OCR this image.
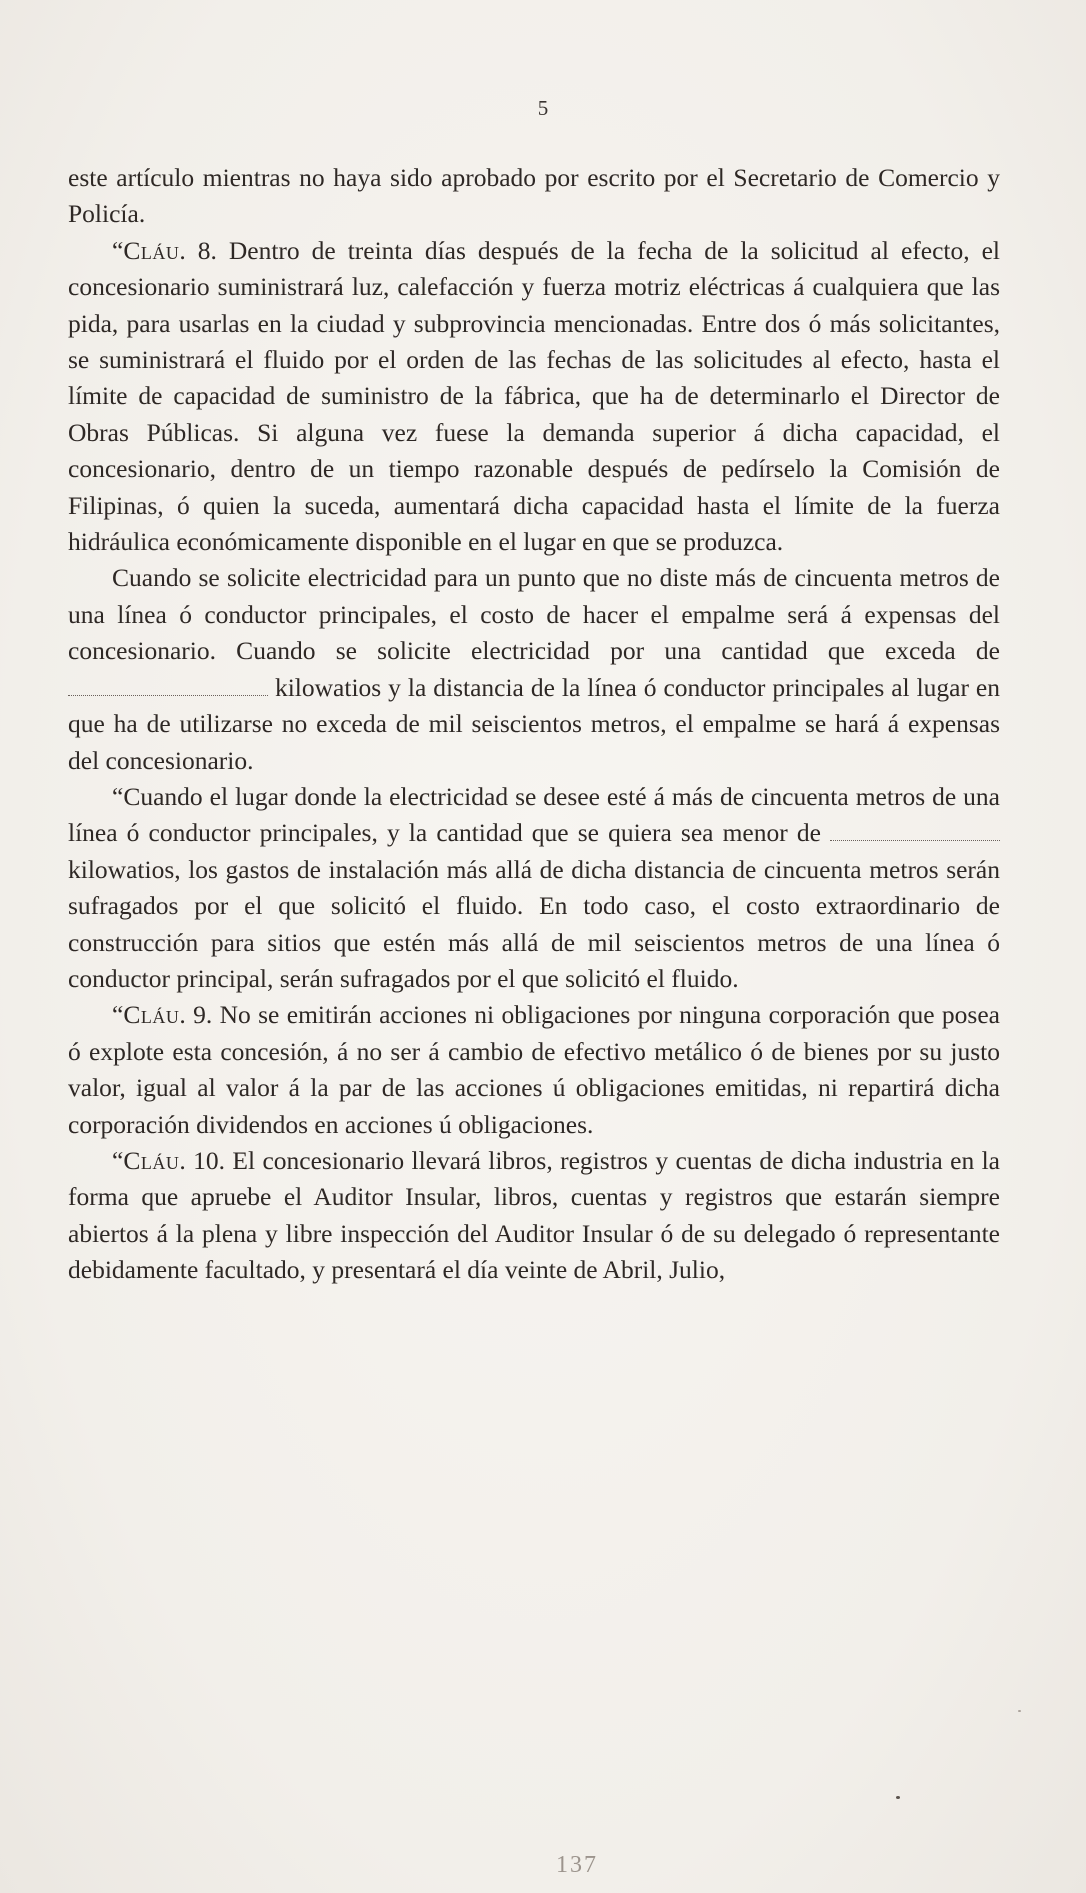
5

este artículo mientras no haya sido aprobado por escrito por el Secretario de Comercio y Policía.

“Cláu. 8. Dentro de treinta días después de la fecha de la solicitud al efecto, el concesionario suministrará luz, calefacción y fuerza motriz eléctricas á cualquiera que las pida, para usarlas en la ciudad y subprovincia mencionadas. Entre dos ó más solicitantes, se suministrará el fluido por el orden de las fechas de las solicitudes al efecto, hasta el límite de capacidad de suministro de la fábrica, que ha de determinarlo el Director de Obras Públicas. Si alguna vez fuese la demanda superior á dicha capacidad, el concesionario, dentro de un tiempo razonable después de pedírselo la Comisión de Filipinas, ó quien la suceda, aumentará dicha capacidad hasta el límite de la fuerza hidráulica económicamente disponible en el lugar en que se produzca.

Cuando se solicite electricidad para un punto que no diste más de cincuenta metros de una línea ó conductor principales, el costo de hacer el empalme será á expensas del concesionario. Cuando se solicite electricidad por una cantidad que exceda de  kilowatios y la distancia de la línea ó conductor principales al lugar en que ha de utilizarse no exceda de mil seiscientos metros, el empalme se hará á expensas del concesionario.

“Cuando el lugar donde la electricidad se desee esté á más de cincuenta metros de una línea ó conductor principales, y la cantidad que se quiera sea menor de  kilowatios, los gastos de instalación más allá de dicha distancia de cincuenta metros serán sufragados por el que solicitó el fluido. En todo caso, el costo extraordinario de construcción para sitios que estén más allá de mil seiscientos metros de una línea ó conductor principal, serán sufragados por el que solicitó el fluido.

“Cláu. 9. No se emitirán acciones ni obligaciones por ninguna corporación que posea ó explote esta concesión, á no ser á cambio de efectivo metálico ó de bienes por su justo valor, igual al valor á la par de las acciones ú obligaciones emitidas, ni repartirá dicha corporación dividendos en acciones ú obligaciones.

“Cláu. 10. El concesionario llevará libros, registros y cuentas de dicha industria en la forma que apruebe el Auditor Insular, libros, cuentas y registros que estarán siempre abiertos á la plena y libre inspección del Auditor Insular ó de su delegado ó representante debidamente facultado, y presentará el día veinte de Abril, Julio,

137
